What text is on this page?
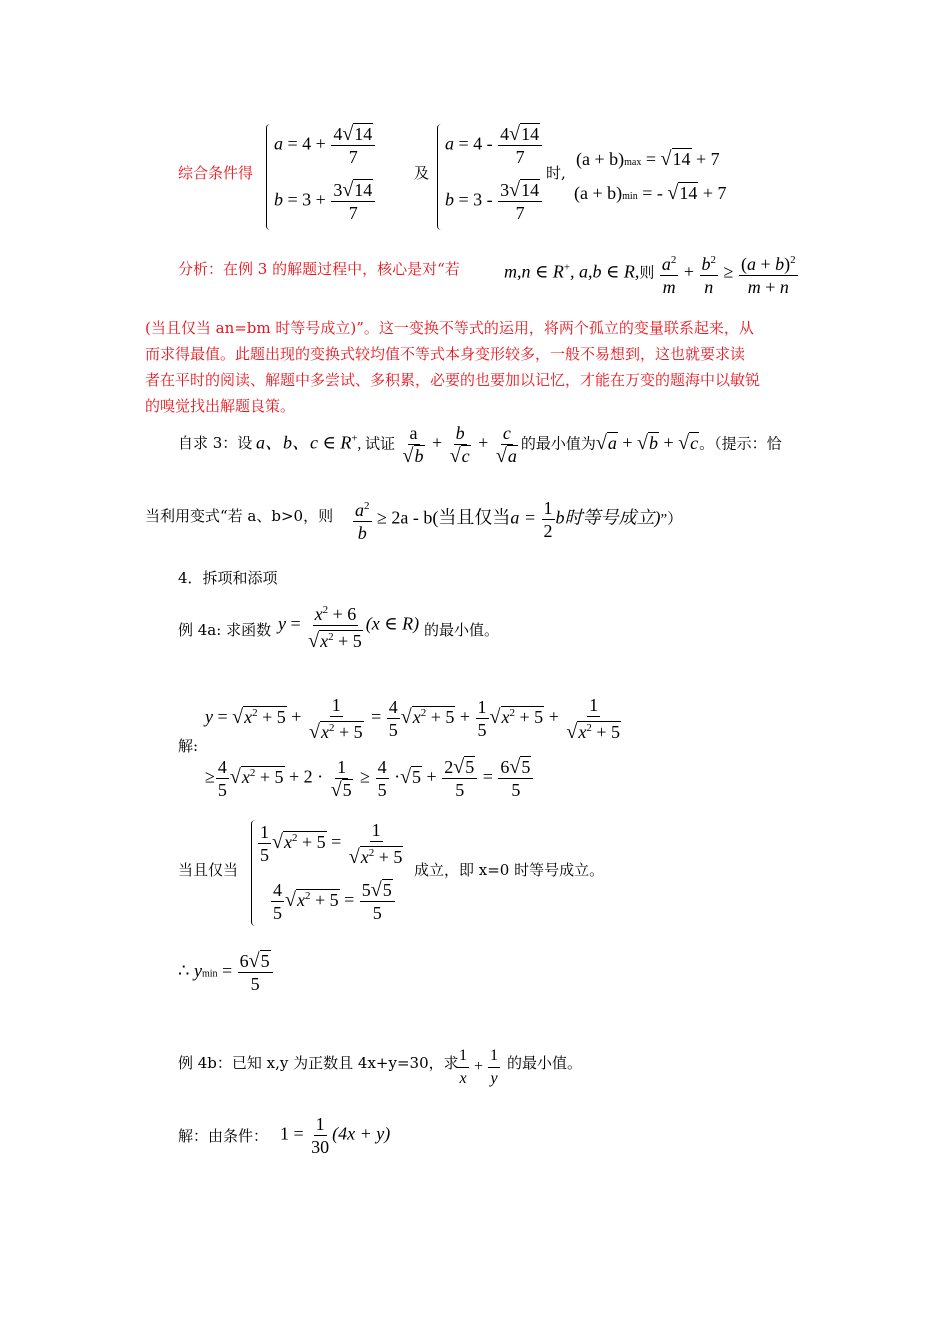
综合条件得
$a = 4 + \frac{4√14}{7}$
$b = 3 + \frac{3√14}{7}$
及
$a = 4 - \frac{4√14}{7}$
$b = 3 - \frac{3√14}{7}$
时,
(a + b)max = √14 + 7
(a + b)min = - √14 + 7
分析：在例 3 的解题过程中，核心是对“若 m,n ∈ R+, a,b ∈ R,则 $\frac{a^2}{m} + \frac{b^2}{n} \ge \frac{(a + b)^2}{m + n}$
(当且仅当 an=bm 时等号成立)”。这一变换不等式的运用，将两个孤立的变量联系起来，从
而求得最值。此题出现的变换式较均值不等式本身变形较多，一般不易想到，这也就要求读
者在平时的阅读、解题中多尝试、多积累，必要的也要加以记忆，才能在万变的题海中以敏锐
的嗅觉找出解题良策。
自求 3：设 a、b、c ∈ R+, 试证 $\frac{a}{√b} + \frac{b}{√c} + \frac{c}{√a}$ 的最小值为√a + √b + √c。（提示：恰
当利用变式“若 a、b>0，则 $\frac{a^2}{b} \ge 2a - b$(当且仅当$a = \frac{1}{2}$ b时等号成立)”）
4．拆项和添项
例 4a: 求函数 $y = \frac{x^2 + 6}{√x^2 + 5} (x$ ∈ R) 的最小值。
解:
$y = √x^2 + 5 + \frac{1}{√x^2 + 5} = \frac{4}{5} √x^2 + 5 + \frac{1}{5} √x^2 + 5 + \frac{1}{√x^2 + 5}$
≥ $\frac{4}{5} √x^2 + 5 + 2 \cdot \frac{1}{√5} \ge \frac{4}{5} \cdot√5 + \frac{2√5}{5} = \frac{6√5}{5}$
当且仅当
$\frac{1}{5} √x^2 + 5 = \frac{1}{√x^2 + 5}$
$\frac{4}{5} √x^2 + 5 = \frac{5√5}{5}$
成立，即 x=0 时等号成立。
∴ $ymin = \frac{6√5}{5}$
例 4b：已知 x,y 为正数且 4x+y=30，求
$\frac{1}{x} + \frac{1}{y}$ 的最小值。
解：由条件： $1 = \frac{1}{30} (4x + y)$
